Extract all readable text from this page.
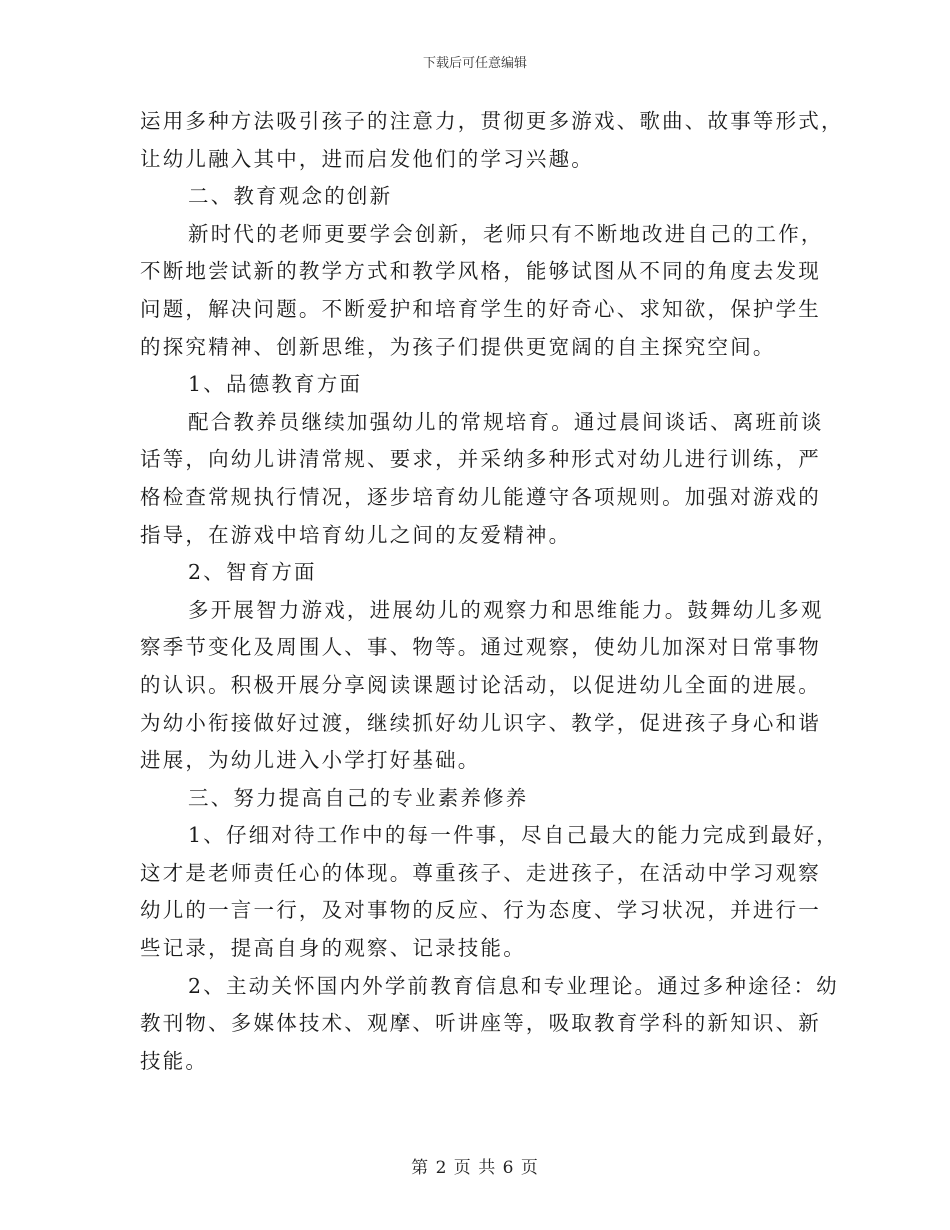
下载后可任意编辑
运用多种方法吸引孩子的注意力，贯彻更多游戏、歌曲、故事等形式，
让幼儿融入其中，进而启发他们的学习兴趣。
二、教育观念的创新
新时代的老师更要学会创新，老师只有不断地改进自己的工作，
不断地尝试新的教学方式和教学风格，能够试图从不同的角度去发现
问题，解决问题。不断爱护和培育学生的好奇心、求知欲，保护学生
的探究精神、创新思维，为孩子们提供更宽阔的自主探究空间。
1、品德教育方面
配合教养员继续加强幼儿的常规培育。通过晨间谈话、离班前谈
话等，向幼儿讲清常规、要求，并采纳多种形式对幼儿进行训练，严
格检查常规执行情况，逐步培育幼儿能遵守各项规则。加强对游戏的
指导，在游戏中培育幼儿之间的友爱精神。
2、智育方面
多开展智力游戏，进展幼儿的观察力和思维能力。鼓舞幼儿多观
察季节变化及周围人、事、物等。通过观察，使幼儿加深对日常事物
的认识。积极开展分享阅读课题讨论活动，以促进幼儿全面的进展。
为幼小衔接做好过渡，继续抓好幼儿识字、教学，促进孩子身心和谐
进展，为幼儿进入小学打好基础。
三、努力提高自己的专业素养修养
1、仔细对待工作中的每一件事，尽自己最大的能力完成到最好，
这才是老师责任心的体现。尊重孩子、走进孩子，在活动中学习观察
幼儿的一言一行，及对事物的反应、行为态度、学习状况，并进行一
些记录，提高自身的观察、记录技能。
2、主动关怀国内外学前教育信息和专业理论。通过多种途径：幼
教刊物、多媒体技术、观摩、听讲座等，吸取教育学科的新知识、新
技能。
第 2 页 共 6 页
